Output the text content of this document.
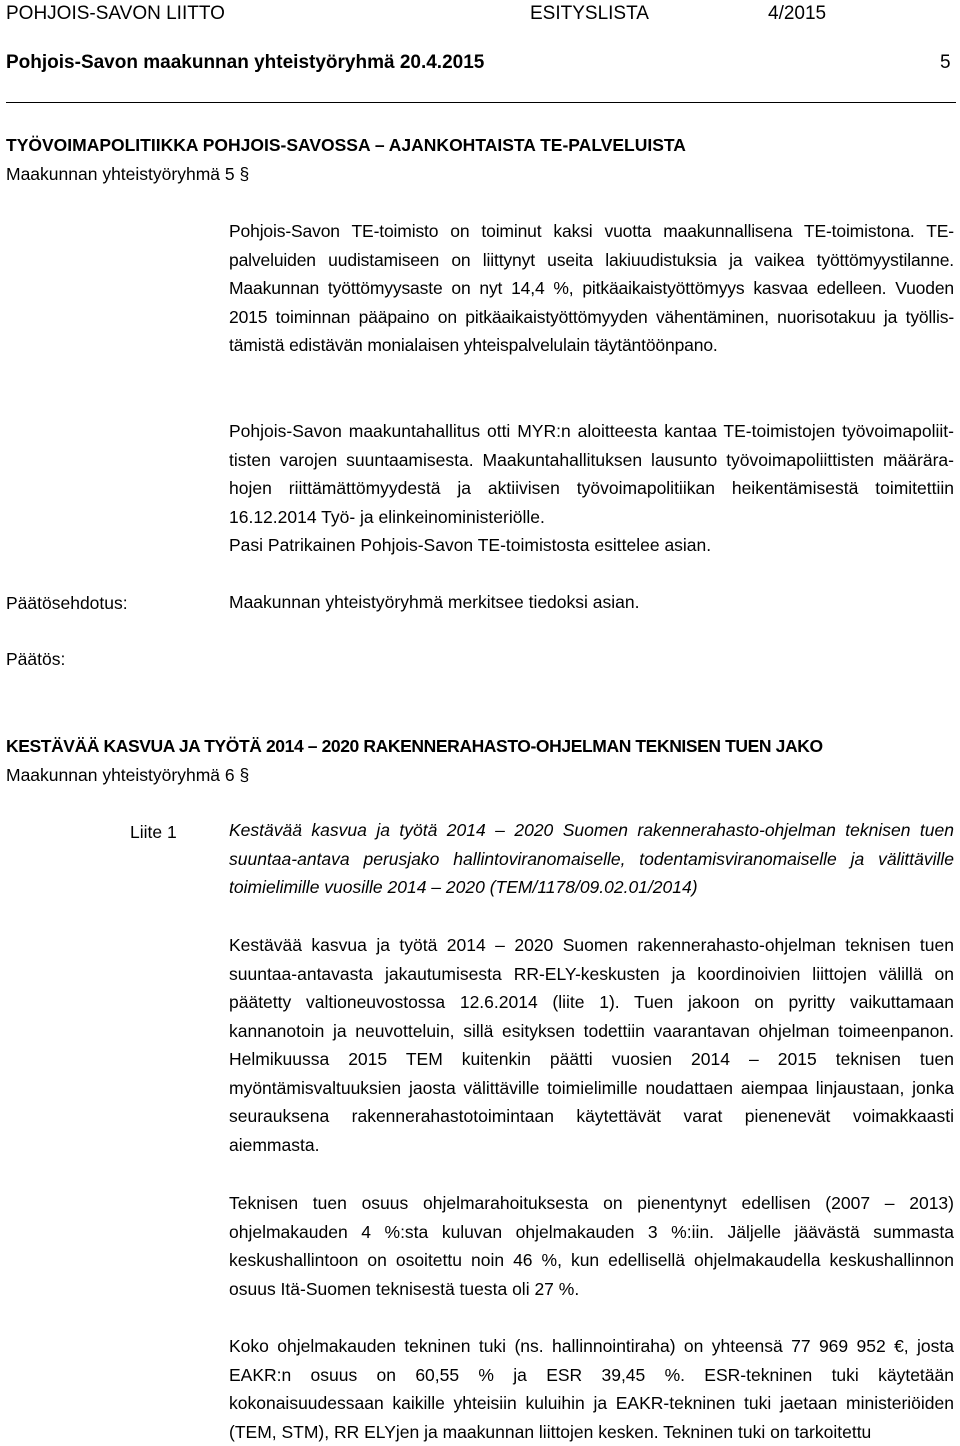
POHJOIS-SAVON LIITTO	ESITYSLISTA	4/2015
Pohjois-Savon maakunnan yhteistyöryhmä 20.4.2015	5
TYÖVOIMAPOLITIIKKA POHJOIS-SAVOSSA – AJANKOHTAISTA TE-PALVELUISTA
Maakunnan yhteistyöryhmä 5 §
Pohjois-Savon TE-toimisto on toiminut kaksi vuotta maakunnallisena TE-toimistona. TE-
palveluiden uudistamiseen on liittynyt useita lakiuudistuksia ja vaikea työttömyystilanne.
Maakunnan työttömyysaste on nyt 14,4 %, pitkäaikaistyöttömyys kasvaa edelleen. Vuoden
2015 toiminnan pääpaino on pitkäaikaistyöttömyyden vähentäminen, nuorisotakuu ja työllis-
tämistä edistävän monialaisen yhteispalvelulain täytäntöönpano.
Pohjois-Savon maakuntahallitus otti MYR:n aloitteesta kantaa TE-toimistojen työvoimapoliit-
tisten varojen suuntaamisesta. Maakuntahallituksen lausunto työvoimapoliittisten määrära-
hojen riittämättömyydestä ja aktiivisen työvoimapolitiikan heikentämisestä toimitettiin
16.12.2014 Työ- ja elinkeinoministeriölle.
Pasi Patrikainen Pohjois-Savon TE-toimistosta esittelee asian.
Päätösehdotus:	Maakunnan yhteistyöryhmä merkitsee tiedoksi asian.
Päätös:
KESTÄVÄÄ KASVUA JA TYÖTÄ 2014 – 2020 RAKENNERAHASTO-OHJELMAN TEKNISEN TUEN JAKO
Maakunnan yhteistyöryhmä 6 §
Liite 1	Kestävää kasvua ja työtä 2014 – 2020 Suomen rakennerahasto-ohjelman teknisen tuen
suuntaa-antava perusjako hallintoviranomaiselle, todentamisviranomaiselle ja välittäville
toimielimille vuosille 2014 – 2020 (TEM/1178/09.02.01/2014)
Kestävää kasvua ja työtä 2014 – 2020 Suomen rakennerahasto-ohjelman teknisen tuen
suuntaa-antavasta jakautumisesta RR-ELY-keskusten ja koordinoivien liittojen välillä on
päätetty valtioneuvostossa 12.6.2014 (liite 1). Tuen jakoon on pyritty vaikuttamaan
kannanotoin ja neuvotteluin, sillä esityksen todettiin vaarantavan ohjelman toimeenpanon.
Helmikuussa 2015 TEM kuitenkin päätti vuosien 2014 – 2015 teknisen tuen
myöntämisvaltuuksien jaosta välittäville toimielimille noudattaen aiempaa linjaustaan, jonka
seurauksena rakennerahastotoimintaan käytettävät varat pienenevät voimakkaasti
aiemmasta.
Teknisen tuen osuus ohjelmarahoituksesta on pienentynyt edellisen (2007 – 2013)
ohjelmakauden 4 %:sta kuluvan ohjelmakauden 3 %:iin. Jäljelle jäävästä summasta
keskushallintoon on osoitettu noin 46 %, kun edellisellä ohjelmakaudella keskushallinnon
osuus Itä-Suomen teknisestä tuesta oli 27 %.
Koko ohjelmakauden tekninen tuki (ns. hallinnointiraha) on yhteensä 77 969 952 €, josta
EAKR:n osuus on 60,55 % ja ESR 39,45 %. ESR-tekninen tuki käytetään
kokonaisuudessaan kaikille yhteisiin kuluihin ja EAKR-tekninen tuki jaetaan ministeriöiden
(TEM, STM), RR ELYjen ja maakunnan liittojen kesken. Tekninen tuki on tarkoitettu
